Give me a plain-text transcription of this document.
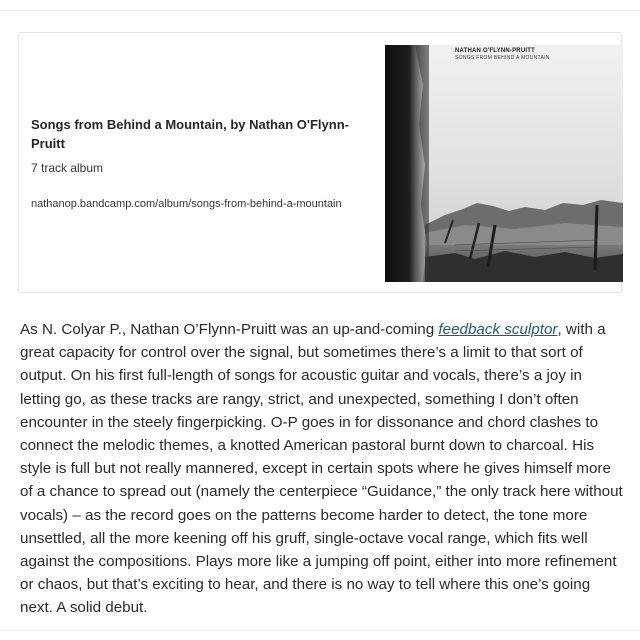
Songs from Behind a Mountain, by Nathan O'Flynn-Pruitt
7 track album
nathanop.bandcamp.com/album/songs-from-behind-a-mountain
NATHAN O'FLYNN-PRUITT
SONGS FROM BEHIND A MOUNTAIN

As N. Colyar P., Nathan O’Flynn-Pruitt was an up-and-coming feedback sculptor, with a great capacity for control over the signal, but sometimes there’s a limit to that sort of output. On his first full-length of songs for acoustic guitar and vocals, there’s a joy in letting go, as these tracks are rangy, strict, and unexpected, something I don’t often encounter in the steely fingerpicking. O-P goes in for dissonance and chord clashes to connect the melodic themes, a knotted American pastoral burnt down to charcoal. His style is full but not really mannered, except in certain spots where he gives himself more of a chance to spread out (namely the centerpiece “Guidance,” the only track here without vocals) – as the record goes on the patterns become harder to detect, the tone more unsettled, all the more keening off his gruff, single-octave vocal range, which fits well against the compositions. Plays more like a jumping off point, either into more refinement or chaos, but that’s exciting to hear, and there is no way to tell where this one’s going next. A solid debut.
